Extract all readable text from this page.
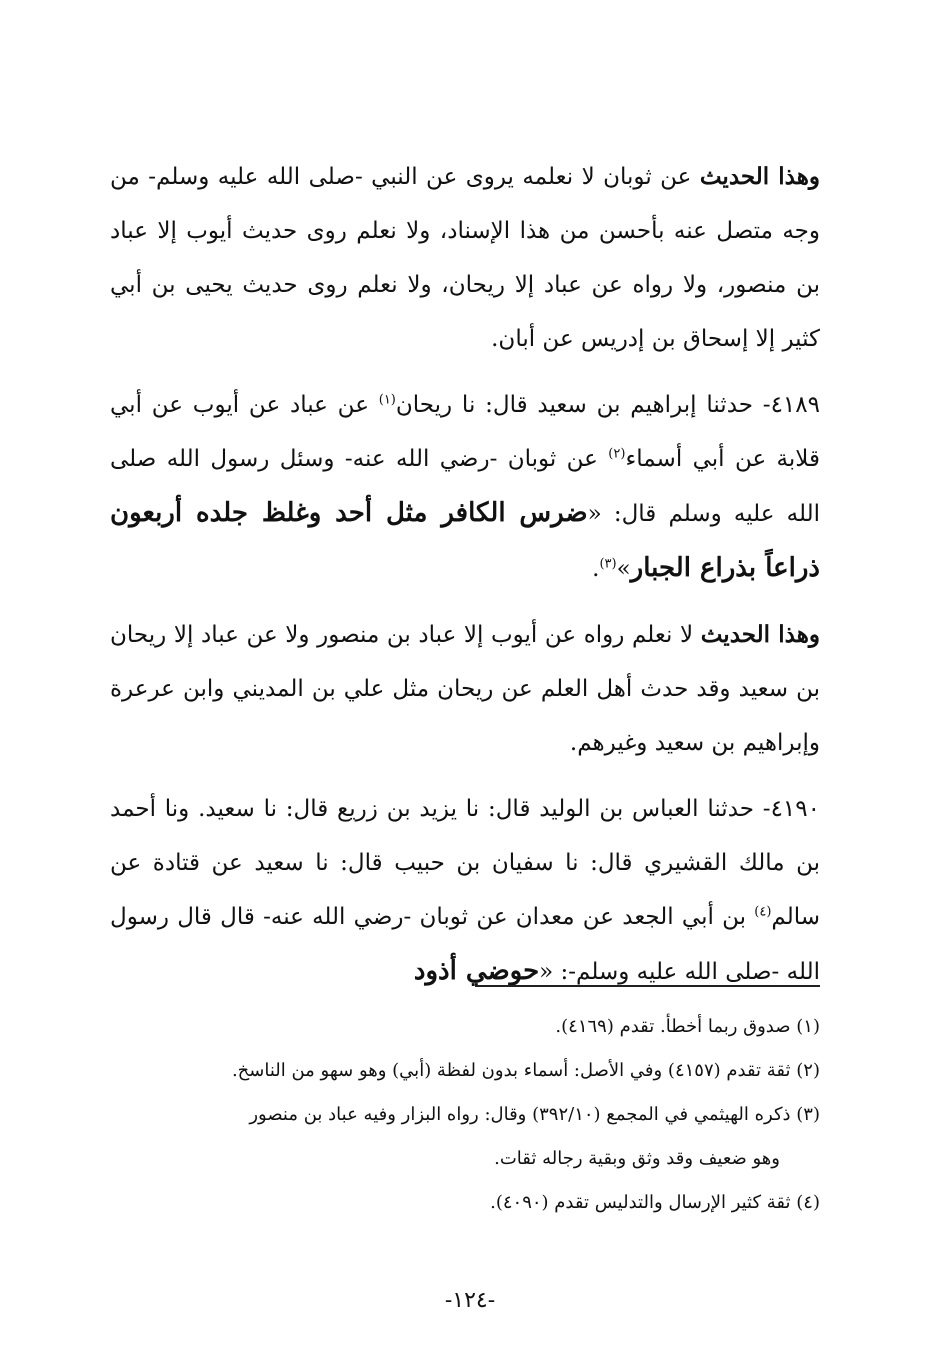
وهذا الحديث عن ثوبان لا نعلمه يروى عن النبي -صلى الله عليه وسلم- من وجه متصل عنه بأحسن من هذا الإسناد، ولا نعلم روى حديث أيوب إلا عباد بن منصور، ولا رواه عن عباد إلا ريحان، ولا نعلم روى حديث يحيى بن أبي كثير إلا إسحاق بن إدريس عن أبان.

٤١٨٩- حدثنا إبراهيم بن سعيد قال: نا ريحان$^{(١)}$ عن عباد عن أيوب عن أبي قلابة عن أبي أسماء$^{(٢)}$ عن ثوبان -رضي الله عنه- وسئل رسول الله صلى الله عليه وسلم قال: «ضرس الكافر مثل أحد وغلظ جلده أربعون ذراعاً بذراع الجبار»$^{(٣)}$.

وهذا الحديث لا نعلم رواه عن أيوب إلا عباد بن منصور ولا عن عباد إلا ريحان بن سعيد وقد حدث أهل العلم عن ريحان مثل علي بن المديني وابن عرعرة وإبراهيم بن سعيد وغيرهم.

٤١٩٠- حدثنا العباس بن الوليد قال: نا يزيد بن زريع قال: نا سعيد. ونا أحمد بن مالك القشيري قال: نا سفيان بن حبيب قال: نا سعيد عن قتادة عن سالم$^{(٤)}$ بن أبي الجعد عن معدان عن ثوبان -رضي الله عنه- قال قال رسول الله -صلى الله عليه وسلم-: «حوضي أذود

(١) صدوق ربما أخطأ. تقدم (٤١٦٩).
(٢) ثقة تقدم (٤١٥٧) وفي الأصل: أسماء بدون لفظة (أبي) وهو سهو من الناسخ.
(٣) ذكره الهيثمي في المجمع (٣٩٢/١٠) وقال: رواه البزار وفيه عباد بن منصور
وهو ضعيف وقد وثق وبقية رجاله ثقات.
(٤) ثقة كثير الإرسال والتدليس تقدم (٤٠٩٠).
-١٢٤-
